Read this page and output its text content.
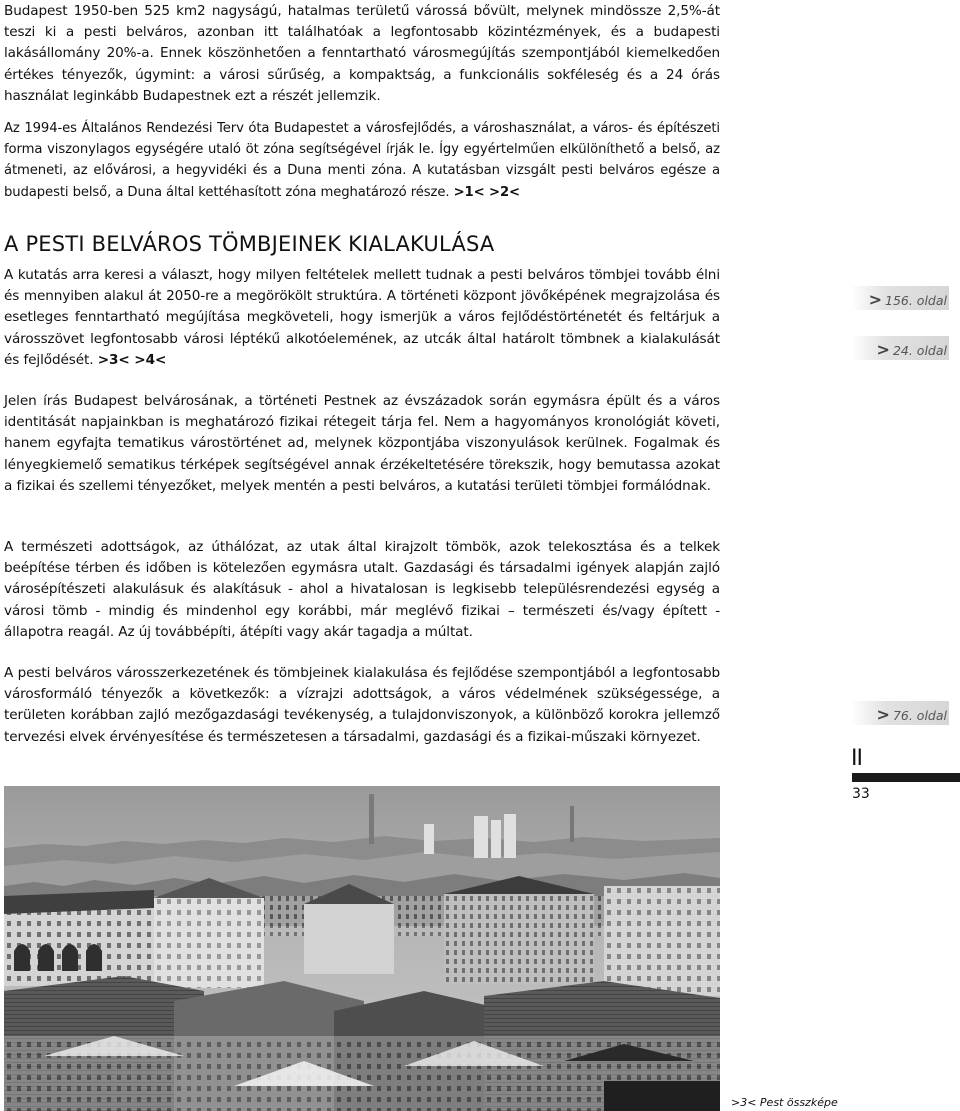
Budapest 1950-ben 525 km2 nagyságú, hatalmas területű várossá bővült, melynek mindössze 2,5%-át teszi ki a pesti belváros, azonban itt találhatóak a legfontosabb közintézmények, és a budapesti lakásállomány 20%-a. Ennek köszönhetően a fenntartható városmegújítás szempontjából kiemelkedően értékes tényezők, úgymint: a városi sűrűség, a kompaktság, a funkcionális sokféleség és a 24 órás használat leginkább Budapestnek ezt a részét jellemzik.

Az 1994-es Általános Rendezési Terv óta Budapestet a városfejlődés, a városhasználat, a város- és építészeti forma viszonylagos egységére utaló öt zóna segítségével írják le. Így egyértelműen elkülöníthető a belső, az átmeneti, az elővárosi, a hegyvidéki és a Duna menti zóna. A kutatásban vizsgált pesti belváros egésze a budapesti belső, a Duna által kettéhasított zóna meghatározó része. >1< >2<

A PESTI BELVÁROS TÖMBJEINEK KIALAKULÁSA

A kutatás arra keresi a választ, hogy milyen feltételek mellett tudnak a pesti belváros tömbjei tovább élni és mennyiben alakul át 2050-re a megörökölt struktúra. A történeti központ jövőképének megrajzolása és esetleges fenntartható megújítása megköveteli, hogy ismerjük a város fejlődéstörténetét és feltárjuk a városszövet legfontosabb városi léptékű alkotóelemének, az utcák által határolt tömbnek a kialakulását és fejlődését. >3< >4<

Jelen írás Budapest belvárosának, a történeti Pestnek az évszázadok során egymásra épült és a város identitását napjainkban is meghatározó fizikai rétegeit tárja fel. Nem a hagyományos kronológiát követi, hanem egyfajta tematikus várostörténet ad, melynek központjába viszonyulások kerülnek. Fogalmak és lényegkiemelő sematikus térképek segítségével annak érzékeltetésére törekszik, hogy bemutassa azokat a fizikai és szellemi tényezőket, melyek mentén a pesti belváros, a kutatási területi tömbjei formálódnak.

A természeti adottságok, az úthálózat, az utak által kirajzolt tömbök, azok telekosztása és a telkek beépítése térben és időben is kötelezően egymásra utalt. Gazdasági és társadalmi igények alapján zajló városépítészeti alakulásuk és alakításuk - ahol a hivatalosan is legkisebb településrendezési egység a városi tömb - mindig és mindenhol egy korábbi, már meglévő fizikai – természeti és/vagy épített - állapotra reagál. Az új továbbépíti, átépíti vagy akár tagadja a múltat.

A pesti belváros városszerkezetének és tömbjeinek kialakulása és fejlődése szempontjából a legfontosabb városformáló tényezők a következők: a vízrajzi adottságok, a város védelmének szükségessége, a területen korábban zajló mezőgazdasági tevékenység, a tulajdonviszonyok, a különböző korokra jellemző tervezési elvek érvényesítése és természetesen a társadalmi, gazdasági és a fizikai-műszaki környezet.

> 156. oldal
> 24. oldal
> 76. oldal
II
33
>3< Pest összképe
